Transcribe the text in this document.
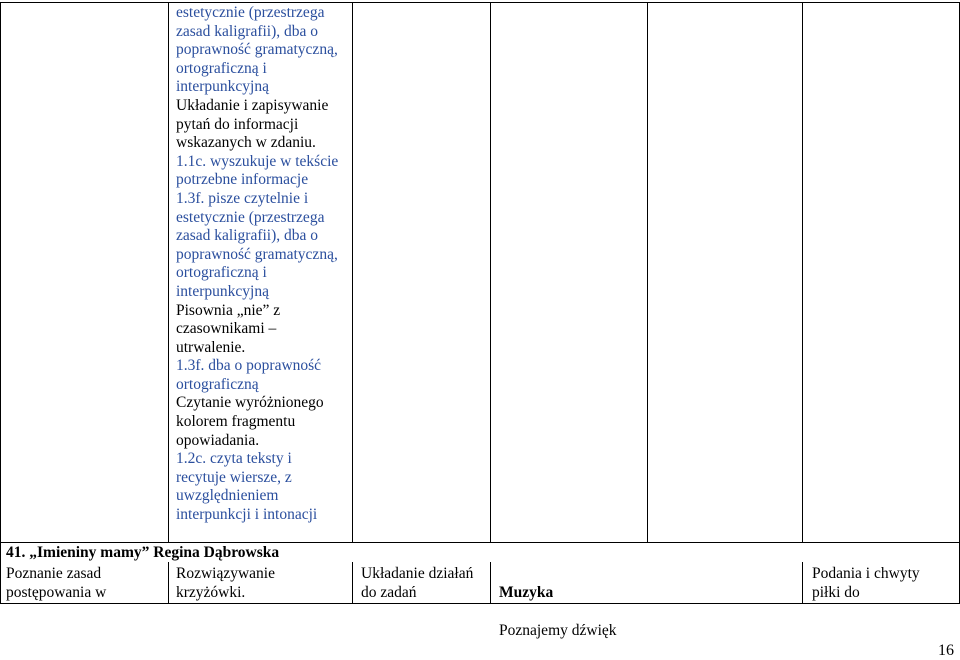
estetycznie (przestrzega
zasad kaligrafii), dba o
poprawność gramatyczną,
ortograficzną i
interpunkcyjną
Układanie i zapisywanie
pytań do informacji
wskazanych w zdaniu.
1.1c. wyszukuje w tekście
potrzebne informacje
1.3f. pisze czytelnie i
estetycznie (przestrzega
zasad kaligrafii), dba o
poprawność gramatyczną,
ortograficzną i
interpunkcyjną
Pisownia „nie” z
czasownikami –
utrwalenie.
1.3f. dba o poprawność
ortograficzną
Czytanie wyróżnionego
kolorem fragmentu
opowiadania.
1.2c. czyta teksty i
recytuje wiersze, z
uwzględnieniem
interpunkcji i intonacji
41. „Imieniny mamy” Regina Dąbrowska
Poznanie zasad
postępowania w
Rozwiązywanie
krzyżówki.
Układanie działań
do zadań	Muzyka

Poznajemy dźwięk

Podania i chwyty
piłki do
16
